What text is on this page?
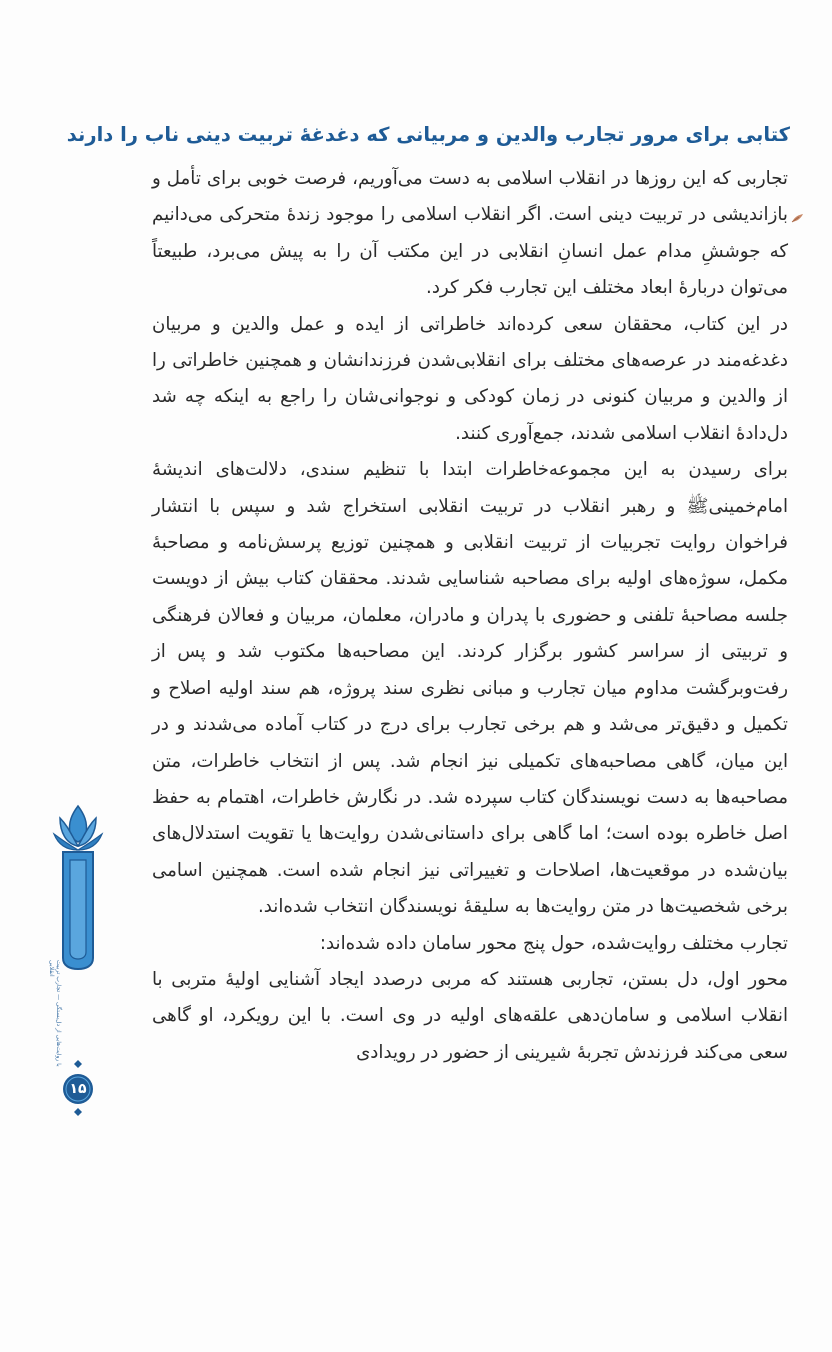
کتابی برای مرور تجارب والدین و مربیانی که دغدغهٔ تربیت دینی ناب را دارند

تجاربی که این روزها در انقلاب اسلامی به دست می‌آوریم، فرصت خوبی برای تأمل و بازاندیشی در تربیت دینی است. اگر انقلاب اسلامی را موجود زندهٔ متحرکی می‌دانیم که جوششِ مدام عمل انسانِ انقلابی در این مکتب آن را به پیش می‌برد، طبیعتاً می‌توان دربارهٔ ابعاد مختلف این تجارب فکر کرد.

در این کتاب، محققان سعی کرده‌اند خاطراتی از ایده و عمل والدین و مربیان دغدغه‌مند در عرصه‌های مختلف برای انقلابی‌شدن فرزندانشان و همچنین خاطراتی را از والدین و مربیان کنونی در زمان کودکی و نوجوانی‌شان را راجع به اینکه چه شد دل‌دادهٔ انقلاب اسلامی شدند، جمع‌آوری کنند.

برای رسیدن به این مجموعه‌خاطرات ابتدا با تنظیم سندی، دلالت‌های اندیشهٔ امام‌خمینی‌ﷺ و رهبر انقلاب در تربیت انقلابی استخراج شد و سپس با انتشار فراخوان روایت تجربیات از تربیت انقلابی و همچنین توزیع پرسش‌نامه و مصاحبهٔ مکمل، سوژه‌های اولیه برای مصاحبه شناسایی شدند. محققان کتاب بیش از دویست جلسه مصاحبهٔ تلفنی و حضوری با پدران و مادران، معلمان، مربیان و فعالان فرهنگی و تربیتی از سراسر کشور برگزار کردند. این مصاحبه‌ها مکتوب شد و پس از رفت‌وبرگشت مداوم میان تجارب و مبانی نظری سند پروژه، هم سند اولیه اصلاح و تکمیل و دقیق‌تر می‌شد و هم برخی تجارب برای درج در کتاب آماده می‌شدند و در این میان، گاهی مصاحبه‌های تکمیلی نیز انجام شد. پس از انتخاب خاطرات، متن مصاحبه‌ها به دست نویسندگان کتاب سپرده شد. در نگارش خاطرات، اهتمام به حفظ اصل خاطره بوده است؛ اما گاهی برای داستانی‌شدن روایت‌ها یا تقویت استدلال‌های بیان‌شده در موقعیت‌ها، اصلاحات و تغییراتی نیز انجام شده است. همچنین اسامی برخی شخصیت‌ها در متن روایت‌ها به سلیقهٔ نویسندگان انتخاب شده‌اند.

تجارب مختلف روایت‌شده، حول پنج محور سامان داده شده‌اند:

محور اول، دل بستن، تجاربی هستند که مربی درصدد ایجاد آشنایی اولیهٔ متربی با انقلاب اسلامی و سامان‌دهی علقه‌های اولیه در وی است. با این رویکرد، او گاهی سعی می‌کند فرزندش تجربهٔ شیرینی از حضور در رویدادی

با روایت‌هایی از دل‌بستگی — تجارب تربیت انقلابی
۱۵
